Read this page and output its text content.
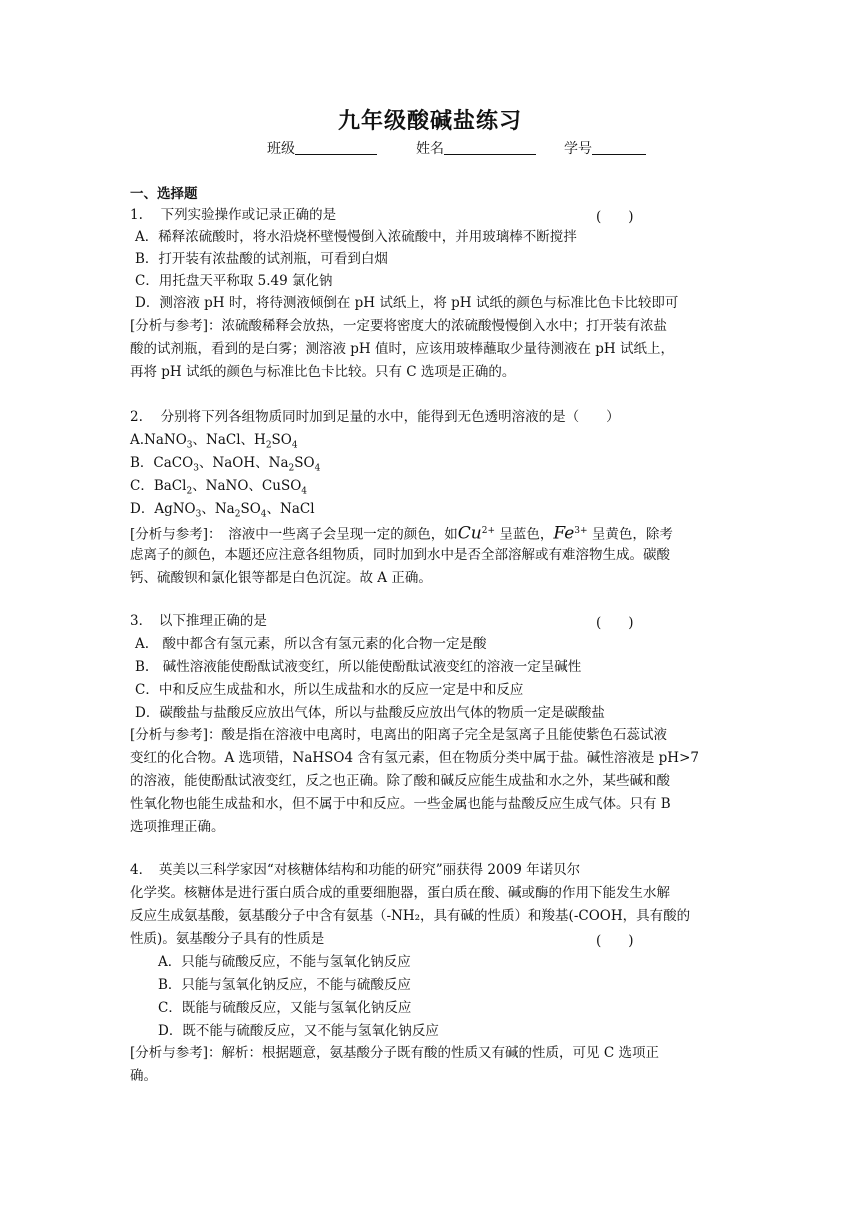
九年级酸碱盐练习
班级	姓名	学号
一、选择题
1.　 下列实验操作或记录正确的是	(　　)
A．稀释浓硫酸时，将水沿烧杯壁慢慢倒入浓硫酸中，并用玻璃棒不断搅拌
B．打开装有浓盐酸的试剂瓶，可看到白烟
C．用托盘天平称取 5.49 氯化钠
D．测溶液 pH 时，将待测液倾倒在 pH 试纸上，将 pH 试纸的颜色与标准比色卡比较即可
[分析与参考]：浓硫酸稀释会放热，一定要将密度大的浓硫酸慢慢倒入水中；打开装有浓盐
酸的试剂瓶，看到的是白雾；测溶液 pH 值时，应该用玻棒蘸取少量待测液在 pH 试纸上，
再将 pH 试纸的颜色与标准比色卡比较。只有 C 选项是正确的。
2.　 分别将下列各组物质同时加到足量的水中，能得到无色透明溶液的是（　　）
A.NaNO$_3$、NaCl、$H_2SO_4$
B．CaCO$_3$、NaOH、$Na_2SO_4$
C．BaCl$_2$、NaNO、CuSO$_4$
D．AgNO$_3$、$Na_2SO_4$、NaCl
[分析与参考]：　溶液中一些离子会呈现一定的颜色，如$Cu^{2+}$ 呈蓝色，$Fe^{3+}$ 呈黄色，除考
虑离子的颜色，本题还应注意各组物质，同时加到水中是否全部溶解或有难溶物生成。碳酸
钙、硫酸钡和氯化银等都是白色沉淀。故 A 正确。
3．　以下推理正确的是	(　　)
A.　酸中都含有氢元素，所以含有氢元素的化合物一定是酸
B.　碱性溶液能使酚酞试液变红，所以能使酚酞试液变红的溶液一定呈碱性
C．中和反应生成盐和水，所以生成盐和水的反应一定是中和反应
D．碳酸盐与盐酸反应放出气体，所以与盐酸反应放出气体的物质一定是碳酸盐
[分析与参考]：酸是指在溶液中电离时，电离出的阳离子完全是氢离子且能使紫色石蕊试液
变红的化合物。A 选项错，NaHSO4 含有氢元素，但在物质分类中属于盐。碱性溶液是 pH>7
的溶液，能使酚酞试液变红，反之也正确。除了酸和碱反应能生成盐和水之外，某些碱和酸
性氧化物也能生成盐和水，但不属于中和反应。一些金属也能与盐酸反应生成气体。只有 B
选项推理正确。
4．　英美以三科学家因“对核糖体结构和功能的研究”丽获得 2009 年诺贝尔
化学奖。核糖体是进行蛋白质合成的重要细胞器，蛋白质在酸、碱或酶的作用下能发生水解
反应生成氨基酸，氨基酸分子中含有氨基（-NH₂，具有碱的性质）和羧基(-COOH，具有酸的
性质)。氨基酸分子具有的性质是	(　　)
A．只能与硫酸反应，不能与氢氧化钠反应
B．只能与氢氧化钠反应，不能与硫酸反应
C．既能与硫酸反应，又能与氢氧化钠反应
D．既不能与硫酸反应，又不能与氢氧化钠反应
[分析与参考]：解析：根据题意，氨基酸分子既有酸的性质又有碱的性质，可见 C 选项正
确。
